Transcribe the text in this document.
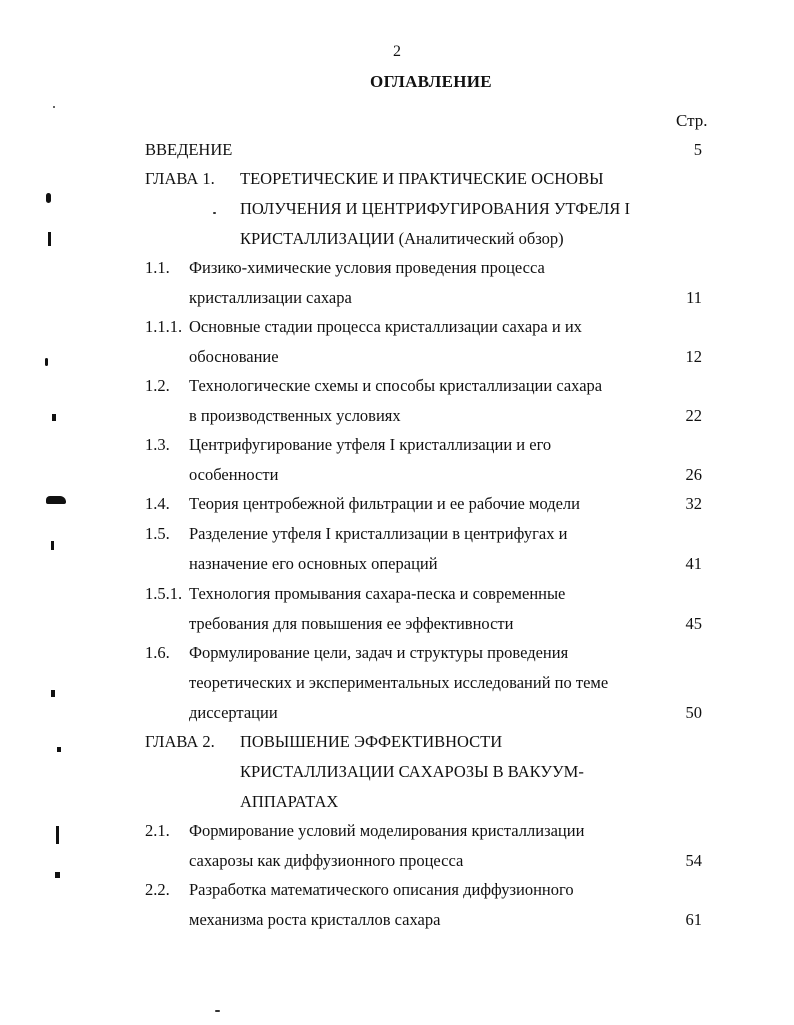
2
ОГЛАВЛЕНИЕ
Стр.
ВВЕДЕНИЕ	5
ГЛАВА 1. ТЕОРЕТИЧЕСКИЕ И ПРАКТИЧЕСКИЕ ОСНОВЫ
ПОЛУЧЕНИЯ И ЦЕНТРИФУГИРОВАНИЯ УТФЕЛЯ I
КРИСТАЛЛИЗАЦИИ (Аналитический обзор)
1.1. Физико-химические условия проведения процесса
кристаллизации сахара	11
1.1.1. Основные стадии процесса кристаллизации сахара и их
обоснование	12
1.2. Технологические схемы и способы кристаллизации сахара
в производственных условиях	22
1.3. Центрифугирование утфеля I кристаллизации и его
особенности	26
1.4. Теория центробежной фильтрации и ее рабочие модели	32
1.5. Разделение утфеля I кристаллизации в центрифугах и
назначение его основных операций	41
1.5.1. Технология промывания сахара-песка и современные
требования для повышения ее эффективности	45
1.6. Формулирование цели, задач и структуры проведения
теоретических и экспериментальных исследований по теме
диссертации	50
ГЛАВА 2. ПОВЫШЕНИЕ ЭФФЕКТИВНОСТИ
КРИСТАЛЛИЗАЦИИ САХАРОЗЫ В ВАКУУМ-
АППАРАТАХ
2.1. Формирование условий моделирования кристаллизации
сахарозы как диффузионного процесса	54
2.2. Разработка математического описания диффузионного
механизма роста кристаллов сахара	61
